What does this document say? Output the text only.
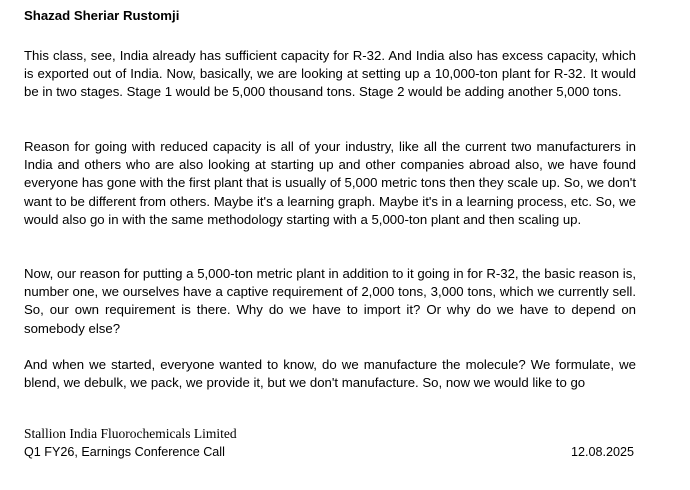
Shazad Sheriar Rustomji

This class, see, India already has sufficient capacity for R-32. And India also has excess capacity, which is exported out of India. Now, basically, we are looking at setting up a 10,000-ton plant for R-32. It would be in two stages. Stage 1 would be 5,000 thousand tons. Stage 2 would be adding another 5,000 tons.

Reason for going with reduced capacity is all of your industry, like all the current two manufacturers in India and others who are also looking at starting up and other companies abroad also, we have found everyone has gone with the first plant that is usually of 5,000 metric tons then they scale up. So, we don't want to be different from others. Maybe it's a learning graph. Maybe it's in a learning process, etc. So, we would also go in with the same methodology starting with a 5,000-ton plant and then scaling up.

Now, our reason for putting a 5,000-ton metric plant in addition to it going in for R-32, the basic reason is, number one, we ourselves have a captive requirement of 2,000 tons, 3,000 tons, which we currently sell. So, our own requirement is there. Why do we have to import it? Or why do we have to depend on somebody else?

And when we started, everyone wanted to know, do we manufacture the molecule? We formulate, we blend, we debulk, we pack, we provide it, but we don't manufacture. So, now we would like to go

Stallion India Fluorochemicals Limited
Q1 FY26, Earnings Conference Call	12.08.2025
